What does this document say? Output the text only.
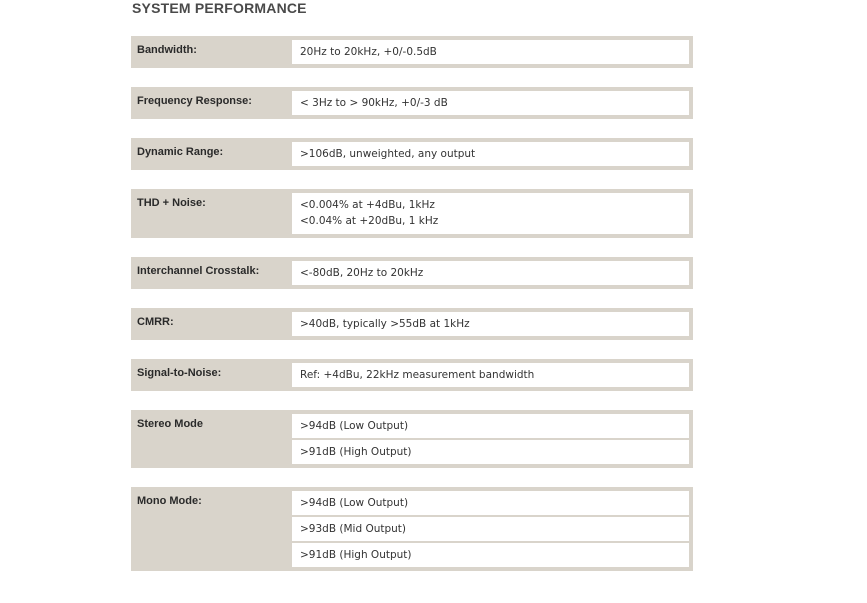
SYSTEM PERFORMANCE
Bandwidth:	20Hz to 20kHz, +0/-0.5dB
Frequency Response:	< 3Hz to > 90kHz, +0/-3 dB
Dynamic Range:	>106dB, unweighted, any output
THD + Noise:	<0.004% at +4dBu, 1kHz
<0.04% at +20dBu, 1 kHz
Interchannel Crosstalk:	<-80dB, 20Hz to 20kHz
CMRR:	>40dB, typically >55dB at 1kHz
Signal-to-Noise:	Ref: +4dBu, 22kHz measurement bandwidth
Stereo Mode	>94dB (Low Output)
>91dB (High Output)
Mono Mode:	>94dB (Low Output)
>93dB (Mid Output)
>91dB (High Output)
